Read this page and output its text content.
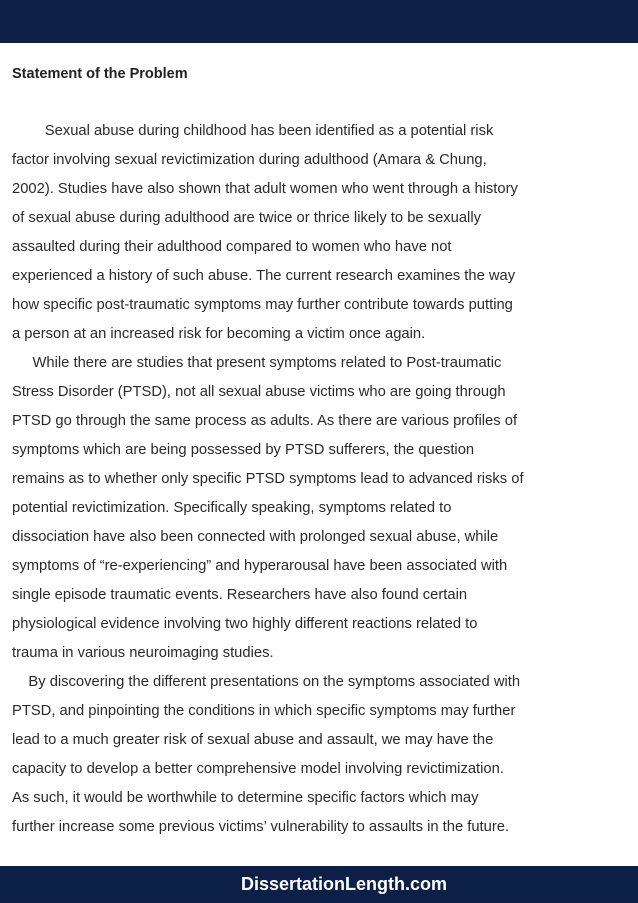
Statement of the Problem

Sexual abuse during childhood has been identified as a potential risk
factor involving sexual revictimization during adulthood (Amara & Chung,
2002). Studies have also shown that adult women who went through a history
of sexual abuse during adulthood are twice or thrice likely to be sexually
assaulted during their adulthood compared to women who have not
experienced a history of such abuse. The current research examines the way
how specific post-traumatic symptoms may further contribute towards putting
a person at an increased risk for becoming a victim once again.

While there are studies that present symptoms related to Post-traumatic
Stress Disorder (PTSD), not all sexual abuse victims who are going through
PTSD go through the same process as adults. As there are various profiles of
symptoms which are being possessed by PTSD sufferers, the question
remains as to whether only specific PTSD symptoms lead to advanced risks of
potential revictimization. Specifically speaking, symptoms related to
dissociation have also been connected with prolonged sexual abuse, while
symptoms of “re-experiencing” and hyperarousal have been associated with
single episode traumatic events. Researchers have also found certain
physiological evidence involving two highly different reactions related to
trauma in various neuroimaging studies.

By discovering the different presentations on the symptoms associated with
PTSD, and pinpointing the conditions in which specific symptoms may further
lead to a much greater risk of sexual abuse and assault, we may have the
capacity to develop a better comprehensive model involving revictimization.
As such, it would be worthwhile to determine specific factors which may
further increase some previous victims’ vulnerability to assaults in the future.

DissertationLength.com
